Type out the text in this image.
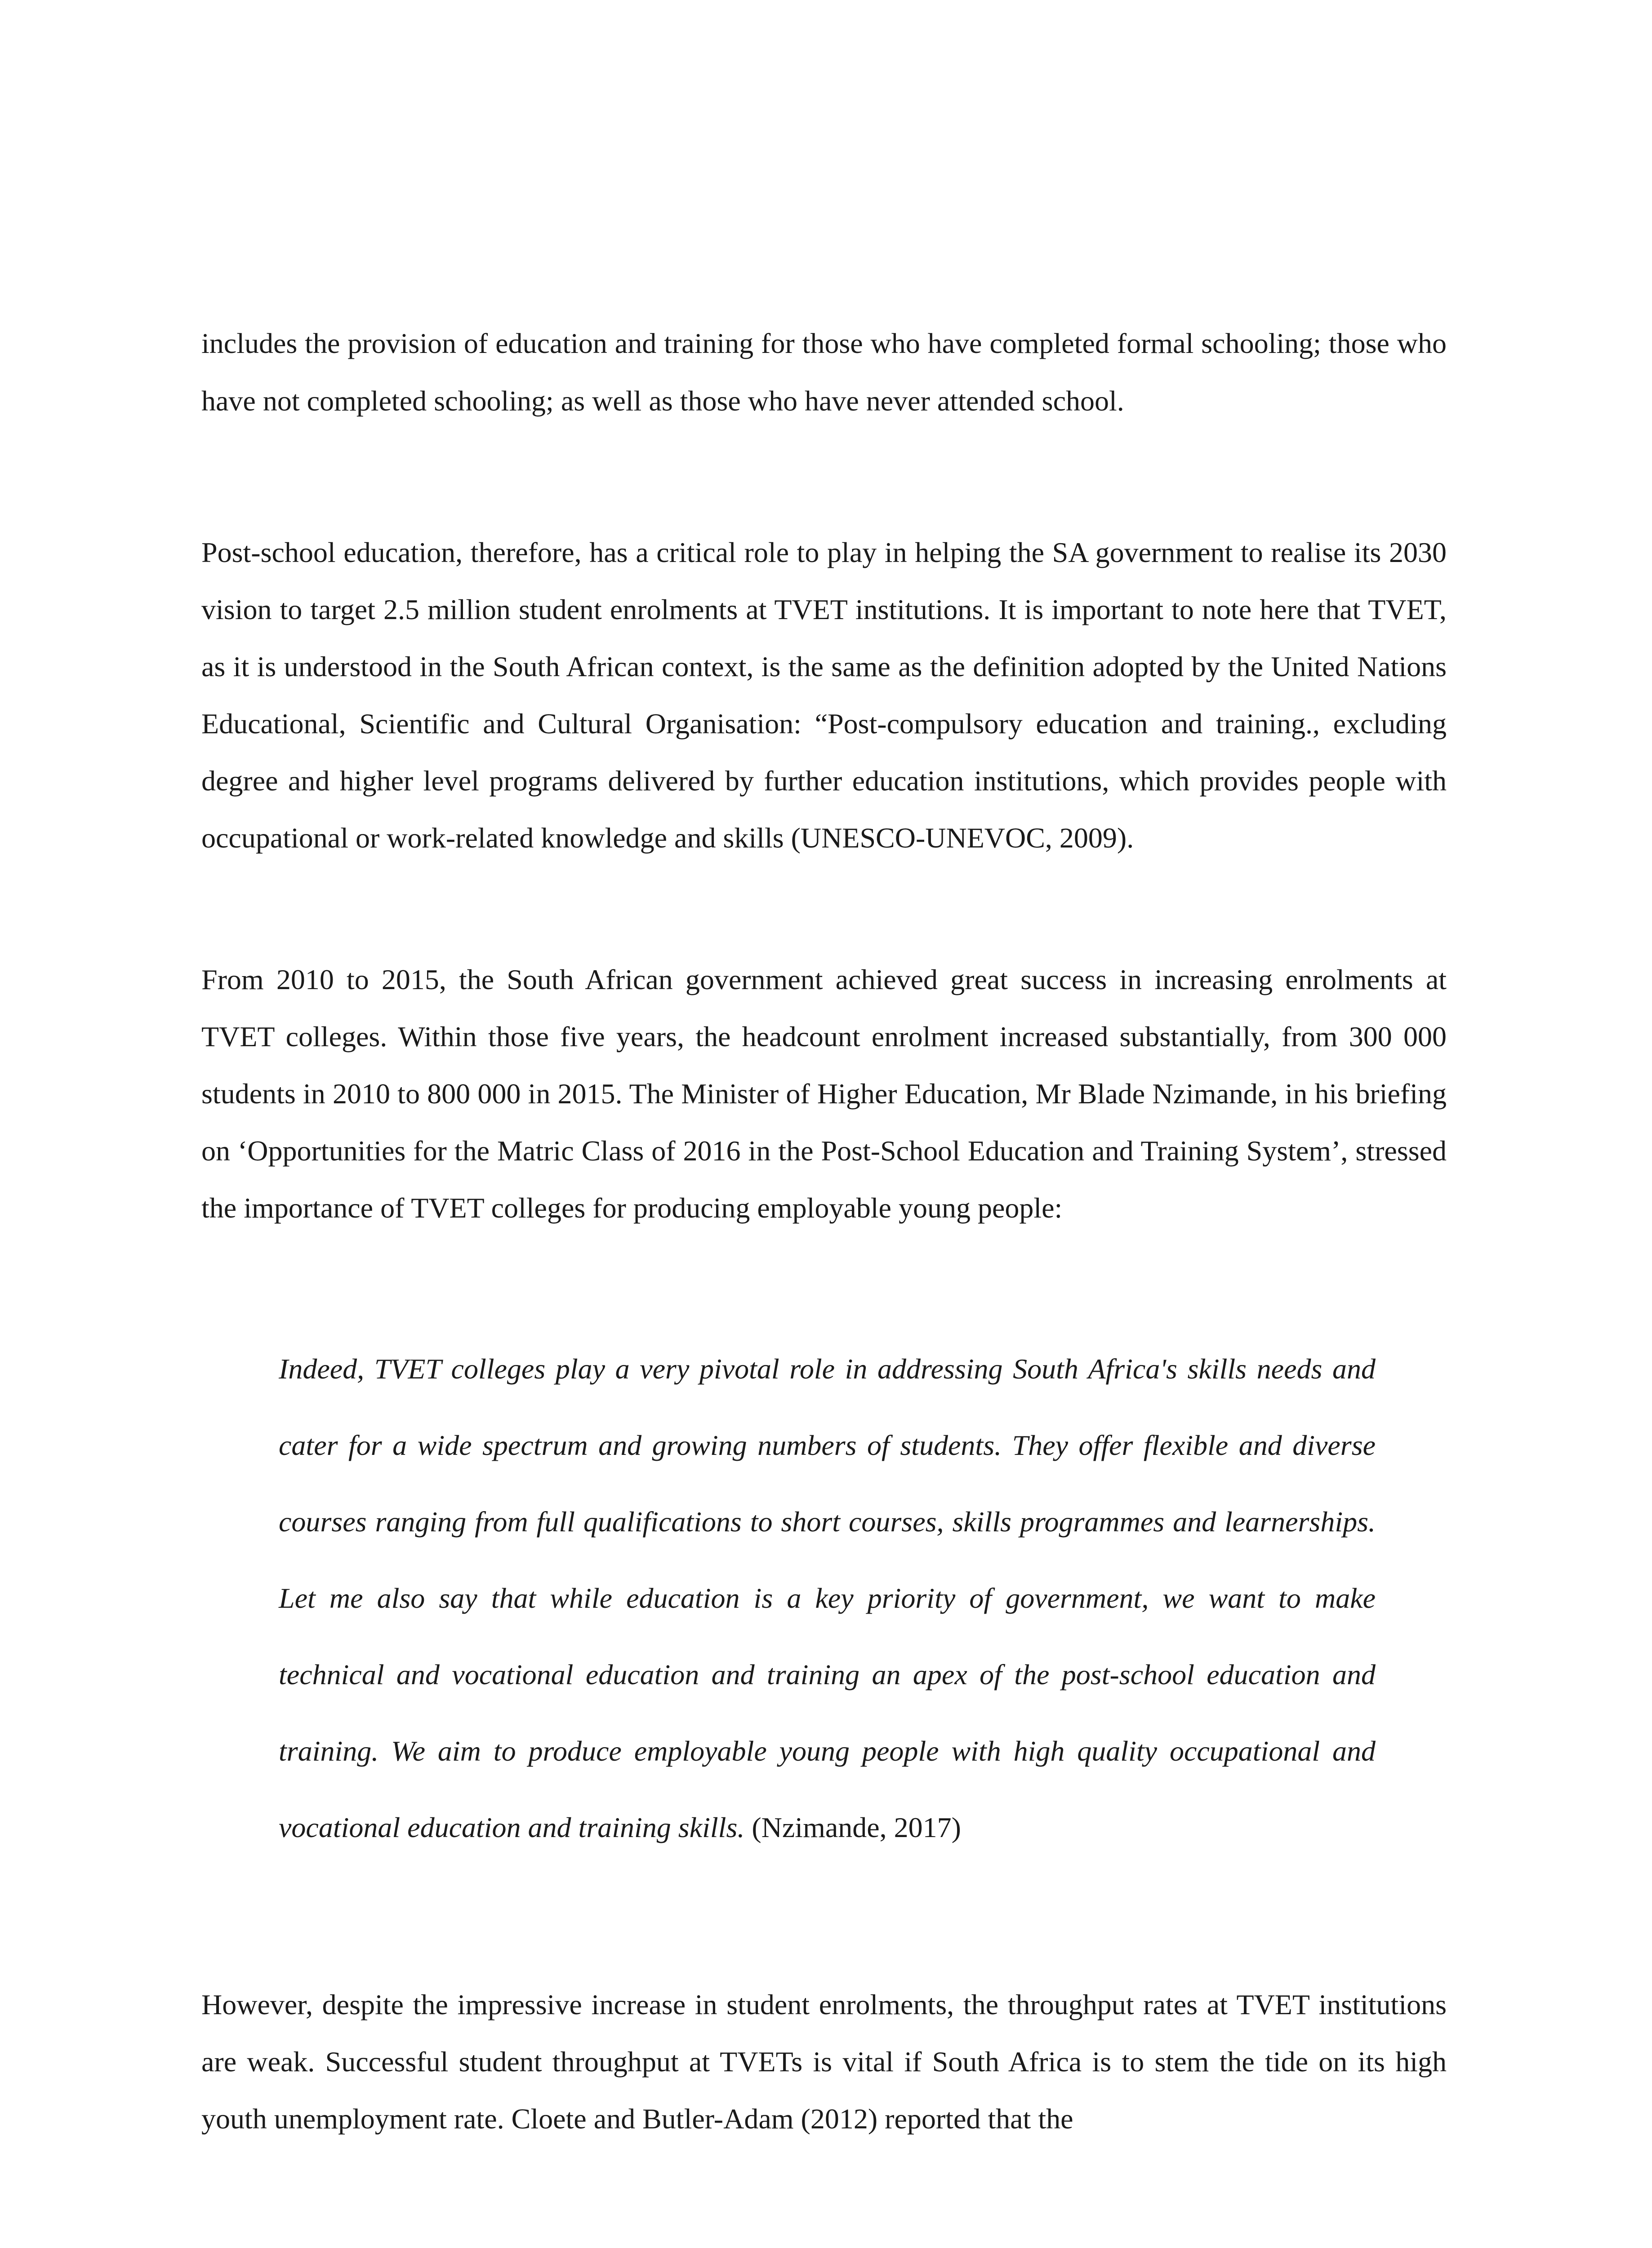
includes the provision of education and training for those who have completed formal schooling; those who have not completed schooling; as well as those who have never attended school.

Post-school education, therefore, has a critical role to play in helping the SA government to realise its 2030 vision to target 2.5 million student enrolments at TVET institutions. It is important to note here that TVET, as it is understood in the South African context, is the same as the definition adopted by the United Nations Educational, Scientific and Cultural Organisation: “Post-compulsory education and training., excluding degree and higher level programs delivered by further education institutions, which provides people with occupational or work-related knowledge and skills (UNESCO-UNEVOC, 2009).

From 2010 to 2015, the South African government achieved great success in increasing enrolments at TVET colleges. Within those five years, the headcount enrolment increased substantially, from 300 000 students in 2010 to 800 000 in 2015. The Minister of Higher Education, Mr Blade Nzimande, in his briefing on ‘Opportunities for the Matric Class of 2016 in the Post-School Education and Training System’, stressed the importance of TVET colleges for producing employable young people:

Indeed, TVET colleges play a very pivotal role in addressing South Africa's skills needs and cater for a wide spectrum and growing numbers of students. They offer flexible and diverse courses ranging from full qualifications to short courses, skills programmes and learnerships. Let me also say that while education is a key priority of government, we want to make technical and vocational education and training an apex of the post-school education and training. We aim to produce employable young people with high quality occupational and vocational education and training skills. (Nzimande, 2017)

However, despite the impressive increase in student enrolments, the throughput rates at TVET institutions are weak. Successful student throughput at TVETs is vital if South Africa is to stem the tide on its high youth unemployment rate. Cloete and Butler-Adam (2012) reported that the
